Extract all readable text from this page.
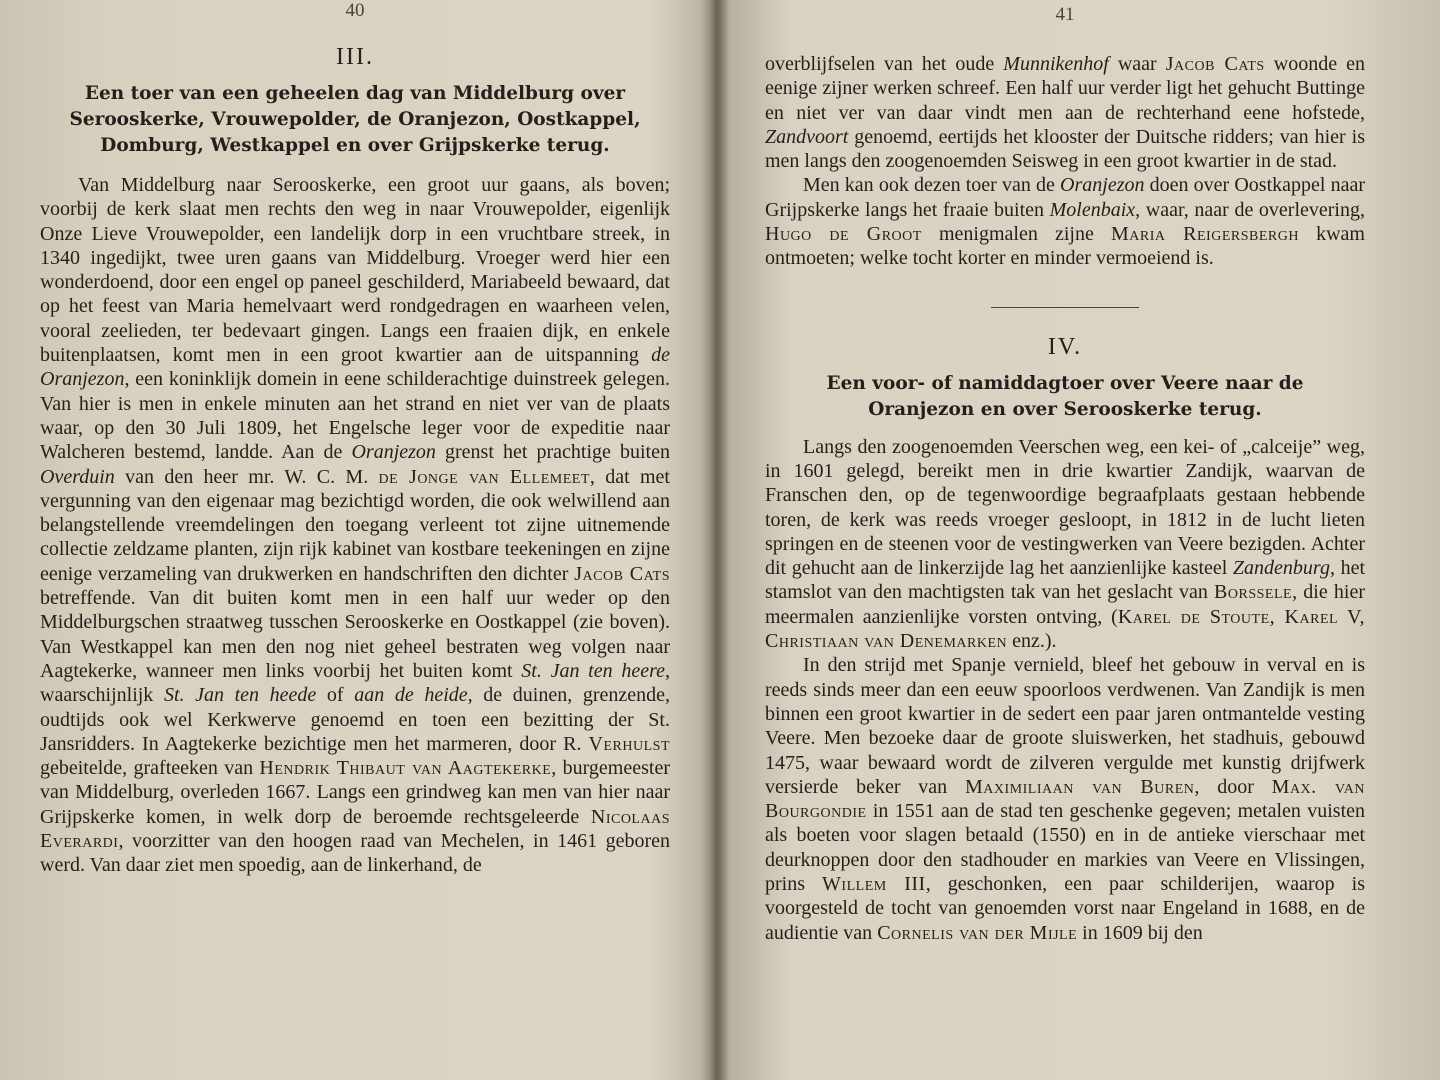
40

III.

Een toer van een geheelen dag van Middelburg over Serooskerke, Vrouwepolder, de Oranjezon, Oostkappel, Domburg, Westkappel en over Grijpskerke terug.

Van Middelburg naar Serooskerke, een groot uur gaans, als boven; voorbij de kerk slaat men rechts den weg in naar Vrouwepolder, eigenlijk Onze Lieve Vrouwepolder, een landelijk dorp in een vruchtbare streek, in 1340 ingedijkt, twee uren gaans van Middelburg. Vroeger werd hier een wonderdoend, door een engel op paneel geschilderd, Mariabeeld bewaard, dat op het feest van Maria hemelvaart werd rondgedragen en waarheen velen, vooral zeelieden, ter bedevaart gingen. Langs een fraaien dijk, en enkele buitenplaatsen, komt men in een groot kwartier aan de uitspanning de Oranjezon, een koninklijk domein in eene schilderachtige duinstreek gelegen. Van hier is men in enkele minuten aan het strand en niet ver van de plaats waar, op den 30 Juli 1809, het Engelsche leger voor de expeditie naar Walcheren bestemd, landde. Aan de Oranjezon grenst het prachtige buiten Overduin van den heer mr. W. C. M. de Jonge van Ellemeet, dat met vergunning van den eigenaar mag bezichtigd worden, die ook welwillend aan belangstellende vreemdelingen den toegang verleent tot zijne uitnemende collectie zeldzame planten, zijn rijk kabinet van kostbare teekeningen en zijne eenige verzameling van drukwerken en handschriften den dichter Jacob Cats betreffende. Van dit buiten komt men in een half uur weder op den Middelburgschen straatweg tusschen Serooskerke en Oostkappel (zie boven). Van Westkappel kan men den nog niet geheel bestraten weg volgen naar Aagtekerke, wanneer men links voorbij het buiten komt St. Jan ten heere, waarschijnlijk St. Jan ten heede of aan de heide, de duinen, grenzende, oudtijds ook wel Kerkwerve genoemd en toen een bezitting der St. Jansridders. In Aagtekerke bezichtige men het marmeren, door R. Verhulst gebeitelde, grafteeken van Hendrik Thibaut van Aagtekerke, burgemeester van Middelburg, overleden 1667. Langs een grindweg kan men van hier naar Grijpskerke komen, in welk dorp de beroemde rechtsgeleerde Nicolaas Everardi, voorzitter van den hoogen raad van Mechelen, in 1461 geboren werd. Van daar ziet men spoedig, aan de linkerhand, de

41

overblijfselen van het oude Munnikenhof waar Jacob Cats woonde en eenige zijner werken schreef. Een half uur verder ligt het gehucht Buttinge en niet ver van daar vindt men aan de rechterhand eene hofstede, Zandvoort genoemd, eertijds het klooster der Duitsche ridders; van hier is men langs den zoogenoemden Seisweg in een groot kwartier in de stad.

Men kan ook dezen toer van de Oranjezon doen over Oostkappel naar Grijpskerke langs het fraaie buiten Molenbaix, waar, naar de overlevering, Hugo de Groot menigmalen zijne Maria Reigersbergh kwam ontmoeten; welke tocht korter en minder vermoeiend is.

IV.

Een voor- of namiddagtoer over Veere naar de Oranjezon en over Serooskerke terug.

Langs den zoogenoemden Veerschen weg, een kei- of „calceije” weg, in 1601 gelegd, bereikt men in drie kwartier Zandijk, waarvan de Franschen den, op de tegenwoordige begraafplaats gestaan hebbende toren, de kerk was reeds vroeger gesloopt, in 1812 in de lucht lieten springen en de steenen voor de vestingwerken van Veere bezigden. Achter dit gehucht aan de linkerzijde lag het aanzienlijke kasteel Zandenburg, het stamslot van den machtigsten tak van het geslacht van Borssele, die hier meermalen aanzienlijke vorsten ontving, (Karel de Stoute, Karel V, Christiaan van Denemarken enz.).

In den strijd met Spanje vernield, bleef het gebouw in verval en is reeds sinds meer dan een eeuw spoorloos verdwenen. Van Zandijk is men binnen een groot kwartier in de sedert een paar jaren ontmantelde vesting Veere. Men bezoeke daar de groote sluiswerken, het stadhuis, gebouwd 1475, waar bewaard wordt de zilveren vergulde met kunstig drijfwerk versierde beker van Maximiliaan van Buren, door Max. van Bourgondie in 1551 aan de stad ten geschenke gegeven; metalen vuisten als boeten voor slagen betaald (1550) en in de antieke vierschaar met deurknoppen door den stadhouder en markies van Veere en Vlissingen, prins Willem III, geschonken, een paar schilderijen, waarop is voorgesteld de tocht van genoemden vorst naar Engeland in 1688, en de audientie van Cornelis van der Mijle in 1609 bij den
